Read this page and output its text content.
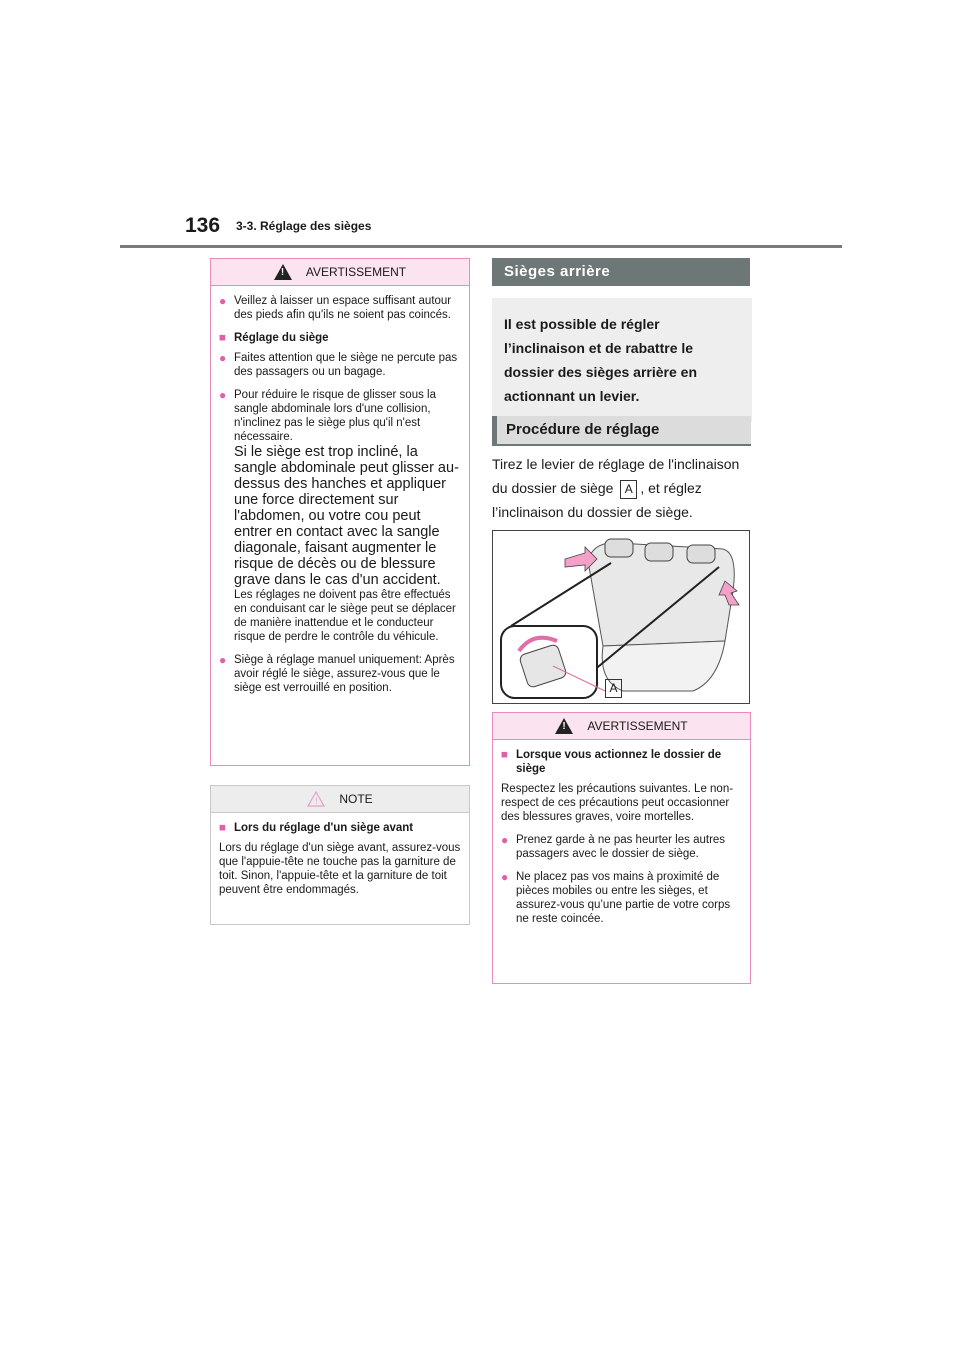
136 3-3. Réglage des sièges
! AVERTISSEMENT
● Veillez à laisser un espace suffisant autour des pieds afin qu'ils ne soient pas coincés.
■ Réglage du siège
● Faites attention que le siège ne percute pas des passagers ou un bagage.
● Pour réduire le risque de glisser sous la sangle abdominale lors d'une collision, n'inclinez pas le siège plus qu'il n'est nécessaire.
Si le siège est trop incliné, la sangle abdominale peut glisser au-dessus des hanches et appliquer une force directement sur l'abdomen, ou votre cou peut entrer en contact avec la sangle diagonale, faisant augmenter le risque de décès ou de blessure grave dans le cas d'un accident.
Les réglages ne doivent pas être effectués en conduisant car le siège peut se déplacer de manière inattendue et le conducteur risque de perdre le contrôle du véhicule.
● Siège à réglage manuel uniquement: Après avoir réglé le siège, assurez-vous que le siège est verrouillé en position.
! NOTE
■ Lors du réglage d'un siège avant
Lors du réglage d'un siège avant, assurez-vous que l'appuie-tête ne touche pas la garniture de toit. Sinon, l'appuie-tête et la garniture de toit peuvent être endommagés.
Sièges arrière
Il est possible de régler l’inclinaison et de rabattre le dossier des sièges arrière en actionnant un levier.
Procédure de réglage
Tirez le levier de réglage de l'inclinaison du dossier de siège A , et réglez l’inclinaison du dossier de siège.
A
! AVERTISSEMENT
■ Lorsque vous actionnez le dossier de siège
Respectez les précautions suivantes. Le non-respect de ces précautions peut occasionner des blessures graves, voire mortelles.
● Prenez garde à ne pas heurter les autres passagers avec le dossier de siège.
● Ne placez pas vos mains à proximité de pièces mobiles ou entre les sièges, et assurez-vous qu’une partie de votre corps ne reste coincée.
